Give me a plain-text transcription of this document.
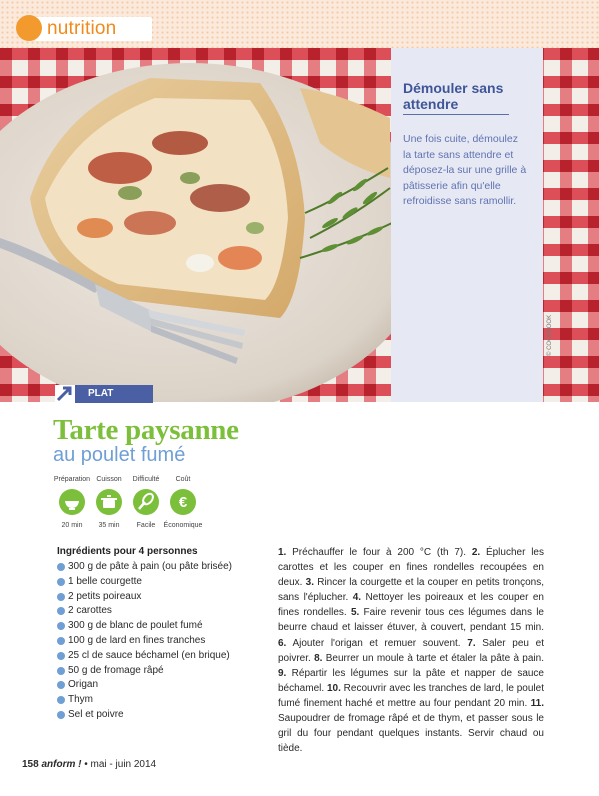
nutrition
Démouler sans attendre
Une fois cuite, démoulez la tarte sans attendre et déposez-la sur une grille à pâtisserie afin qu'elle refroidisse sans ramollir.
© COOKBOOK
PLAT
Tarte paysanne
au poulet fumé
Préparation Cuisson	Difficulté	Coût
€
20 min	35 min	Facile	Économique
Ingrédients pour 4 personnes
300 g de pâte à pain (ou pâte brisée)
1 belle courgette
2 petits poireaux
2 carottes
300 g de blanc de poulet fumé
100 g de lard en fines tranches
25 cl de sauce béchamel (en brique)
50 g de fromage râpé
Origan
Thym
Sel et poivre
1. Préchauffer le four à 200 °C (th 7). 2. Éplucher les carottes et les couper en fines rondelles recoupées en deux. 3. Rincer la courgette et la couper en petits tronçons, sans l'éplucher. 4. Nettoyer les poireaux et les couper en fines rondelles. 5. Faire revenir tous ces légumes dans le beurre chaud et laisser étuver, à couvert, pendant 15 min. 6. Ajouter l'origan et remuer souvent. 7. Saler peu et poivrer. 8. Beurrer un moule à tarte et étaler la pâte à pain. 9. Répartir les légumes sur la pâte et napper de sauce béchamel. 10. Recouvrir avec les tranches de lard, le poulet fumé finement haché et mettre au four pendant 20 min. 11. Saupoudrer de fromage râpé et de thym, et passer sous le gril du four pendant quelques instants. Servir chaud ou tiède.
158 anform ! • mai - juin 2014
